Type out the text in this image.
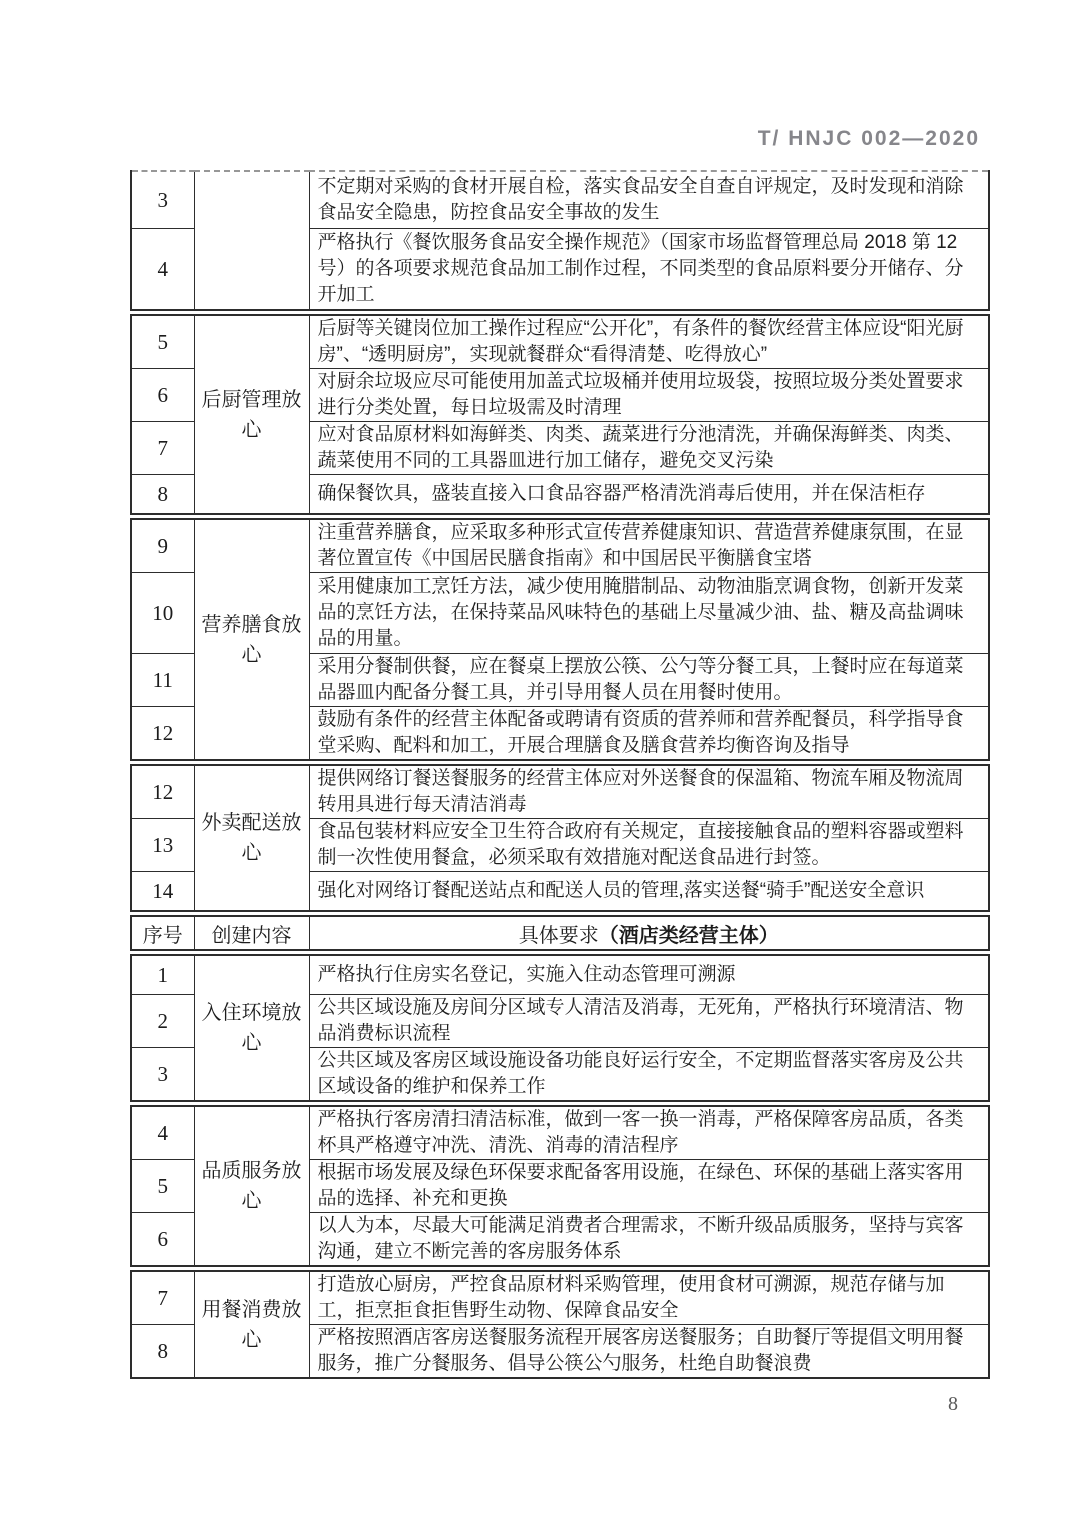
T/ HNJC 002—2020
3		不定期对采购的食材开展自检，落实食品安全自查自评规定，及时发现和消除食品安全隐患，防控食品安全事故的发生
4		严格执行《餐饮服务食品安全操作规范》（国家市场监督管理总局 2018 第 12 号）的各项要求规范食品加工制作过程，不同类型的食品原料要分开储存、分开加工
5	后厨管理放心	后厨等关键岗位加工操作过程应“公开化”，有条件的餐饮经营主体应设“阳光厨房”、“透明厨房”，实现就餐群众“看得清楚、吃得放心”
6		对厨余垃圾应尽可能使用加盖式垃圾桶并使用垃圾袋，按照垃圾分类处置要求进行分类处置，每日垃圾需及时清理
7		应对食品原材料如海鲜类、肉类、蔬菜进行分池清洗，并确保海鲜类、肉类、蔬菜使用不同的工具器皿进行加工储存，避免交叉污染
8		确保餐饮具，盛装直接入口食品容器严格清洗消毒后使用，并在保洁柜存
9	营养膳食放心	注重营养膳食，应采取多种形式宣传营养健康知识、营造营养健康氛围，在显著位置宣传《中国居民膳食指南》和中国居民平衡膳食宝塔
10		采用健康加工烹饪方法，减少使用腌腊制品、动物油脂烹调食物，创新开发菜品的烹饪方法，在保持菜品风味特色的基础上尽量减少油、盐、糖及高盐调味品的用量。
11		采用分餐制供餐，应在餐桌上摆放公筷、公勺等分餐工具，上餐时应在每道菜品器皿内配备分餐工具，并引导用餐人员在用餐时使用。
12		鼓励有条件的经营主体配备或聘请有资质的营养师和营养配餐员，科学指导食堂采购、配料和加工，开展合理膳食及膳食营养均衡咨询及指导
12	外卖配送放心	提供网络订餐送餐服务的经营主体应对外送餐食的保温箱、物流车厢及物流周转用具进行每天清洁消毒
13		食品包装材料应安全卫生符合政府有关规定，直接接触食品的塑料容器或塑料制一次性使用餐盒，必须采取有效措施对配送食品进行封签。
14		强化对网络订餐配送站点和配送人员的管理,落实送餐“骑手”配送安全意识
序号	创建内容	具体要求（酒店类经营主体）
1	入住环境放心	严格执行住房实名登记，实施入住动态管理可溯源
2		公共区域设施及房间分区域专人清洁及消毒，无死角，严格执行环境清洁、物品消费标识流程
3		公共区域及客房区域设施设备功能良好运行安全，不定期监督落实客房及公共区域设备的维护和保养工作
4	品质服务放心	严格执行客房清扫清洁标准，做到一客一换一消毒，严格保障客房品质，各类杯具严格遵守冲洗、清洗、消毒的清洁程序
5		根据市场发展及绿色环保要求配备客用设施，在绿色、环保的基础上落实客用品的选择、补充和更换
6		以人为本，尽最大可能满足消费者合理需求，不断升级品质服务，坚持与宾客沟通，建立不断完善的客房服务体系
7	用餐消费放心	打造放心厨房，严控食品原材料采购管理，使用食材可溯源，规范存储与加工，拒烹拒食拒售野生动物、保障食品安全
8		严格按照酒店客房送餐服务流程开展客房送餐服务；自助餐厅等提倡文明用餐服务，推广分餐服务、倡导公筷公勺服务，杜绝自助餐浪费
8
